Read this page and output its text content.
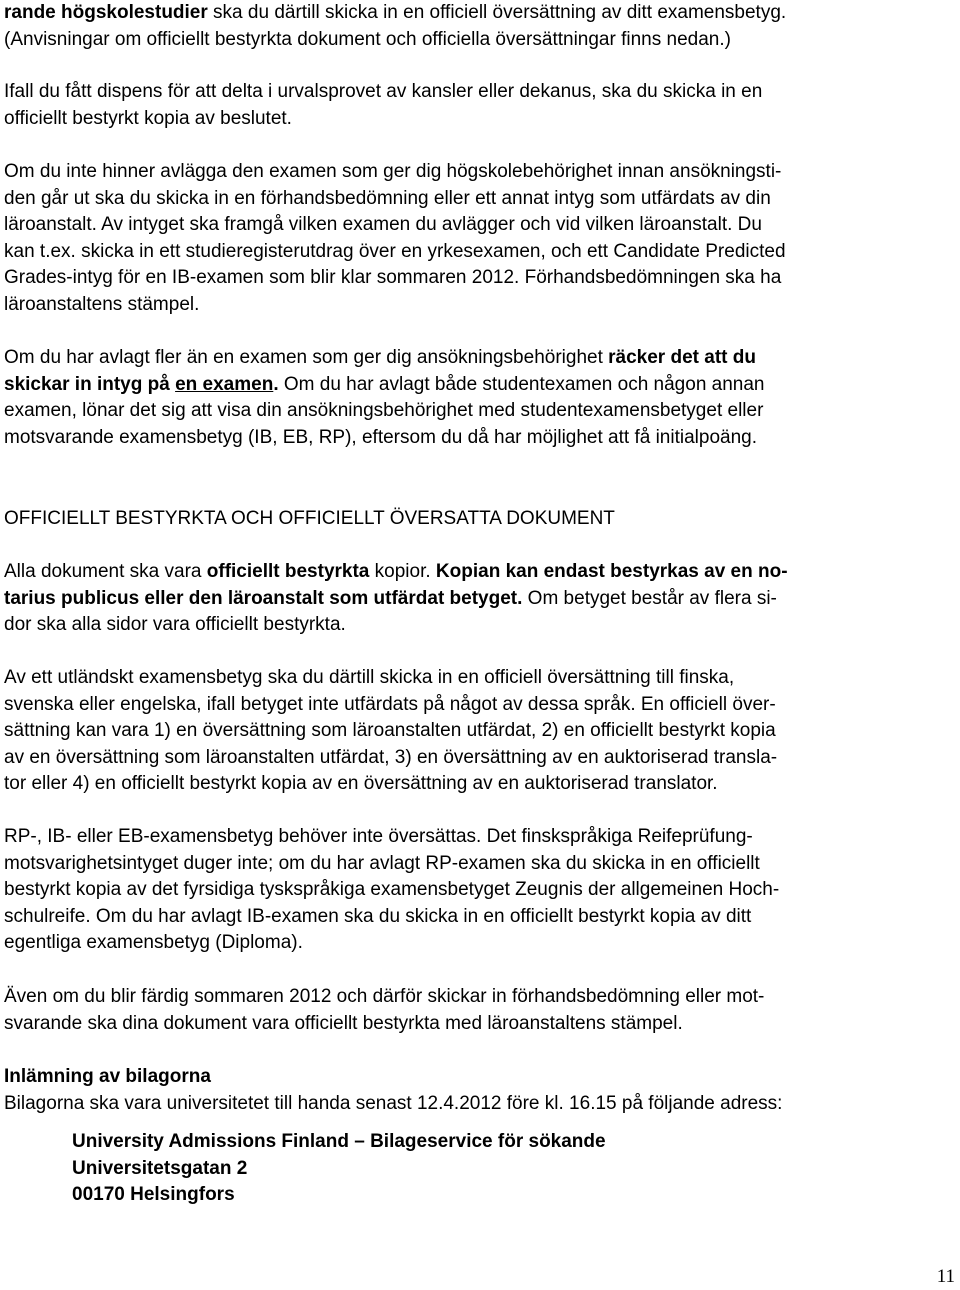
rande högskolestudier ska du därtill skicka in en officiell översättning av ditt examensbetyg.
(Anvisningar om officiellt bestyrkta dokument och officiella översättningar finns nedan.)

Ifall du fått dispens för att delta i urvalsprovet av kansler eller dekanus, ska du skicka in en
officiellt bestyrkt kopia av beslutet.

Om du inte hinner avlägga den examen som ger dig högskolebehörighet innan ansökningsti-
den går ut ska du skicka in en förhandsbedömning eller ett annat intyg som utfärdats av din
läroanstalt. Av intyget ska framgå vilken examen du avlägger och vid vilken läroanstalt. Du
kan t.ex. skicka in ett studieregisterutdrag över en yrkesexamen, och ett Candidate Predicted
Grades-intyg för en IB-examen som blir klar sommaren 2012. Förhandsbedömningen ska ha
läroanstaltens stämpel.

Om du har avlagt fler än en examen som ger dig ansökningsbehörighet räcker det att du
skickar in intyg på en examen. Om du har avlagt både studentexamen och någon annan
examen, lönar det sig att visa din ansökningsbehörighet med studentexamensbetyget eller
motsvarande examensbetyg (IB, EB, RP), eftersom du då har möjlighet att få initialpoäng.

OFFICIELLT BESTYRKTA OCH OFFICIELLT ÖVERSATTA DOKUMENT

Alla dokument ska vara officiellt bestyrkta kopior. Kopian kan endast bestyrkas av en no-
tarius publicus eller den läroanstalt som utfärdat betyget. Om betyget består av flera si-
dor ska alla sidor vara officiellt bestyrkta.

Av ett utländskt examensbetyg ska du därtill skicka in en officiell översättning till finska,
svenska eller engelska, ifall betyget inte utfärdats på något av dessa språk. En officiell över-
sättning kan vara 1) en översättning som läroanstalten utfärdat, 2) en officiellt bestyrkt kopia
av en översättning som läroanstalten utfärdat, 3) en översättning av en auktoriserad transla-
tor eller 4) en officiellt bestyrkt kopia av en översättning av en auktoriserad translator.

RP-, IB- eller EB-examensbetyg behöver inte översättas. Det finskspråkiga Reifeprüfung-
motsvarighetsintyget duger inte; om du har avlagt RP-examen ska du skicka in en officiellt
bestyrkt kopia av det fyrsidiga tyskspråkiga examensbetyget Zeugnis der allgemeinen Hoch-
schulreife. Om du har avlagt IB-examen ska du skicka in en officiellt bestyrkt kopia av ditt
egentliga examensbetyg (Diploma).

Även om du blir färdig sommaren 2012 och därför skickar in förhandsbedömning eller mot-
svarande ska dina dokument vara officiellt bestyrkta med läroanstaltens stämpel.

Inlämning av bilagorna
Bilagorna ska vara universitetet till handa senast 12.4.2012 före kl. 16.15 på följande adress:

University Admissions Finland – Bilageservice för sökande
Universitetsgatan 2
00170 Helsingfors
11
